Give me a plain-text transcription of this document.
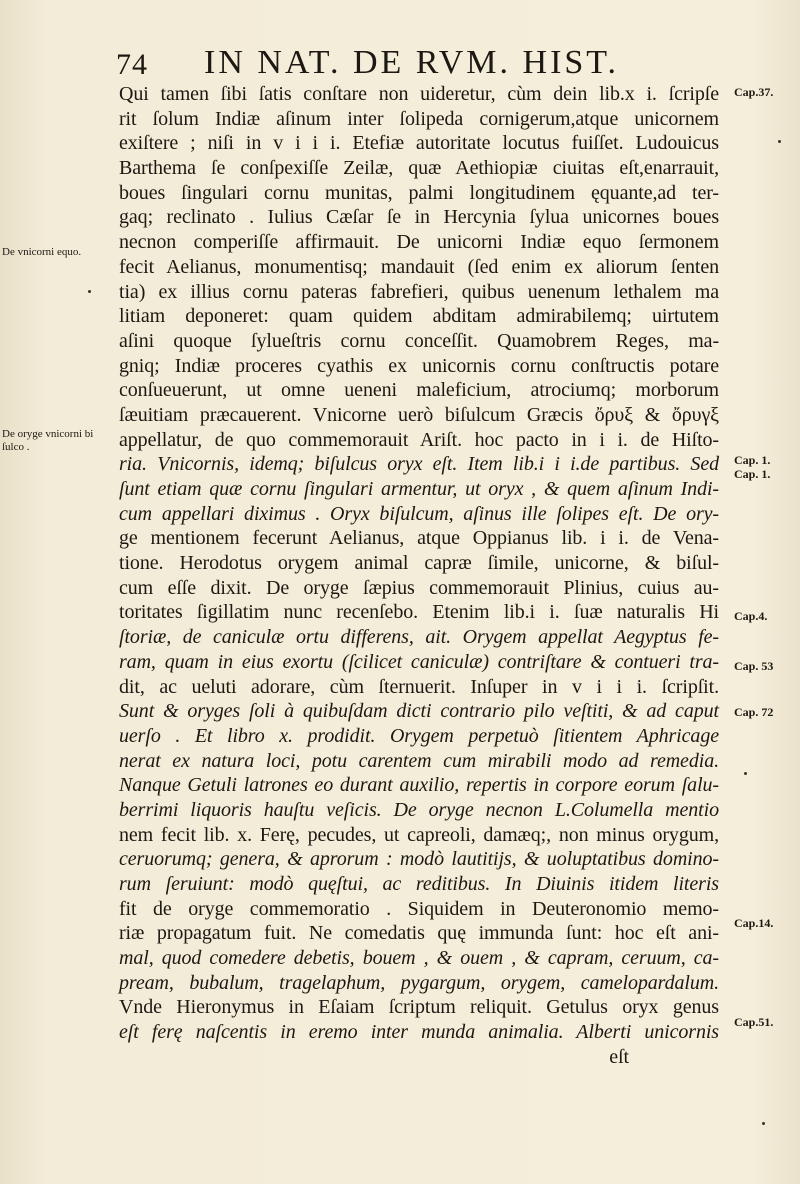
74 IN NAT. DE RVM. HIST.
Qui tamen ſibi ſatis conſtare non uideretur, cùm dein lib.x i. ſcripſe
rit ſolum Indiæ aſinum inter ſolipeda cornigerum,atque unicornem
exiſtere ; niſi in v i i i. Etefiæ autoritate locutus fuiſſet. Ludouicus
Barthema ſe conſpexiſſe Zeilæ, quæ Aethiopiæ ciuitas eſt,enarrauit,
boues ſingulari cornu munitas, palmi longitudinem ęquante,ad ter-
gaq; reclinato . Iulius Cæſar ſe in Hercynia ſylua unicornes boues
necnon comperiſſe affirmauit. De unicorni Indiæ equo ſermonem
fecit Aelianus, monumentisq; mandauit (ſed enim ex aliorum ſenten
tia) ex illius cornu pateras fabrefieri, quibus uenenum lethalem ma
litiam deponeret: quam quidem abditam admirabilemq; uirtutem
aſini quoque ſylueſtris cornu conceſſit. Quamobrem Reges, ma-
gniq; Indiæ proceres cyathis ex unicornis cornu conſtructis potare
conſueuerunt, ut omne ueneni maleficium, atrociumq; morborum
ſæuitiam præcauerent. Vnicorne uerò biſulcum Græcis ὄρυξ & ὄρυγξ
appellatur, de quo commemorauit Ariſt. hoc pacto in i i. de Hiſto-
ria. Vnicornis, idemq; biſulcus oryx eſt. Item lib.i i i.de partibus. Sed
ſunt etiam quæ cornu ſingulari armentur, ut oryx , & quem aſinum Indi-
cum appellari diximus . Oryx biſulcum, aſinus ille ſolipes eſt. De ory-
ge mentionem fecerunt Aelianus, atque Oppianus lib. i i. de Vena-
tione. Herodotus orygem animal capræ ſimile, unicorne, & biſul-
cum eſſe dixit. De oryge ſæpius commemorauit Plinius, cuius au-
toritates ſigillatim nunc recenſebo. Etenim lib.i i. ſuæ naturalis Hi
ſtoriæ, de caniculæ ortu differens, ait. Orygem appellat Aegyptus fe-
ram, quam in eius exortu (ſcilicet caniculæ) contriſtare & contueri tra-
dit, ac ueluti adorare, cùm ſternuerit. Inſuper in v i i i. ſcripſit.
Sunt & oryges ſoli à quibuſdam dicti contrario pilo veſtiti, & ad caput
uerſo . Et libro x. prodidit. Orygem perpetuò ſitientem Aphricage
nerat ex natura loci, potu carentem cum mirabili modo ad remedia.
Nanque Getuli latrones eo durant auxilio, repertis in corpore eorum ſalu-
berrimi liquoris hauſtu veſicis. De oryge necnon L.Columella mentio
nem fecit lib. x. Ferę, pecudes, ut capreoli, damæq;, non minus orygum,
ceruorumq; genera, & aprorum : modò lautitijs, & uoluptatibus domino-
rum ſeruiunt: modò quęſtui, ac reditibus. In Diuinis itidem literis
fit de oryge commemoratio . Siquidem in Deuteronomio memo-
riæ propagatum fuit. Ne comedatis quę immunda ſunt: hoc eſt ani-
mal, quod comedere debetis, bouem , & ouem , & capram, ceruum, ca-
pream, bubalum, tragelaphum, pygargum, orygem, camelopardalum.
Vnde Hieronymus in Eſaiam ſcriptum reliquit. Getulus oryx genus
eſt ferę naſcentis in eremo inter munda animalia. Alberti unicornis
eſt
De vnicorni equo.
De oryge vnicorni bi ſulco .
Cap.37.
Cap. 1.
Cap. 1.
Cap.4.
Cap. 53
Cap. 72
Cap.14.
Cap.51.
